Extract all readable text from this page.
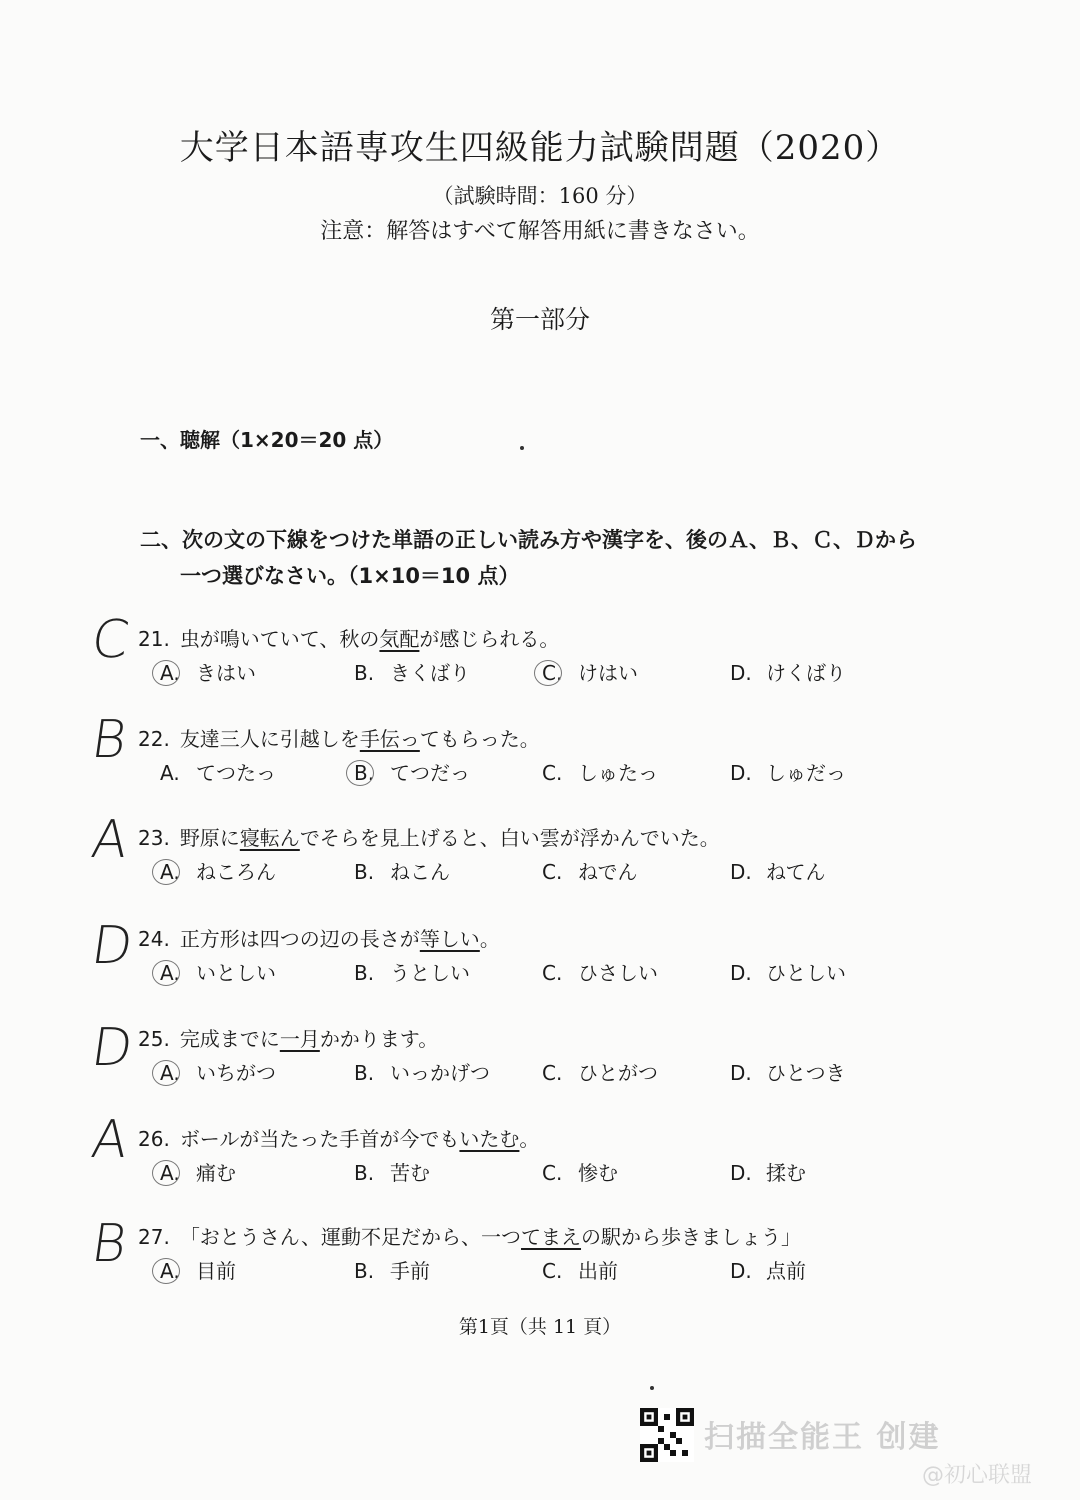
大学日本語専攻生四級能力試験問題（2020）
（試験時間：160 分）
注意：解答はすべて解答用紙に書きなさい。
第一部分
一、聴解（1×20＝20 点）
二、次の文の下線をつけた単語の正しい読み方や漢字を、後のＡ、Ｂ、Ｃ、Ｄから
一つ選びなさい。（1×10＝10 点）
21. 虫が鳴いていて、秋の気配が感じられる。
A. きはい	B. きくばり	C. けはい	D. けくばり
C
22. 友達三人に引越しを手伝ってもらった。
A. てつたっ	B. てつだっ	C. しゅたっ	D. しゅだっ
B
23. 野原に寝転んでそらを見上げると、白い雲が浮かんでいた。
A. ねころん	B. ねこん	C. ねでん	D. ねてん
A
24. 正方形は四つの辺の長さが等しい。
A. いとしい	B. うとしい	C. ひさしい	D. ひとしい
D
25. 完成までに一月かかります。
A. いちがつ	B. いっかげつ	C. ひとがつ	D. ひとつき
D
26. ボールが当たった手首が今でもいたむ。
A. 痛む	B. 苦む	C. 惨む	D. 揉む
A
27. 「おとうさん、運動不足だから、一つてまえの駅から歩きましょう」
A. 目前	B. 手前	C. 出前	D. 点前
B
第1頁（共 11 頁）
扫描全能王 创建
@初心联盟
